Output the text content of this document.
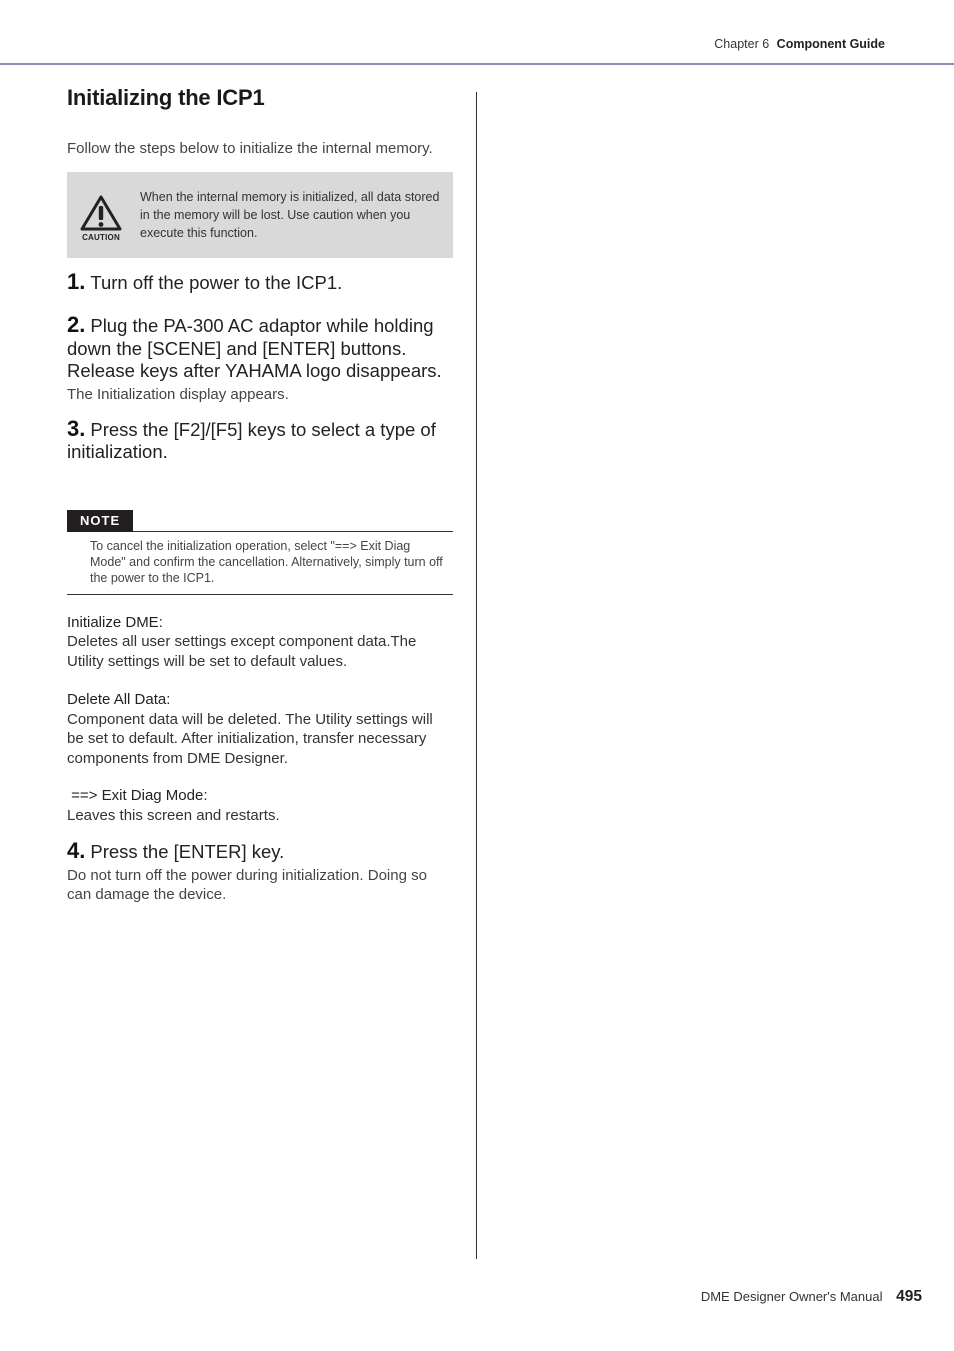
Chapter 6 Component Guide
Initializing the ICP1
Follow the steps below to initialize the internal memory.
CAUTION
When the internal memory is initialized, all data stored in the memory will be lost. Use caution when you execute this function.
1. Turn off the power to the ICP1.
2. Plug the PA-300 AC adaptor while holding down the [SCENE] and [ENTER] buttons. Release keys after YAHAMA logo disappears.
The Initialization display appears.
3. Press the [F2]/[F5] keys to select a type of initialization.
NOTE
To cancel the initialization operation, select "==> Exit Diag Mode" and confirm the cancellation. Alternatively, simply turn off the power to the ICP1.
Initialize DME:
Deletes all user settings except component data.The Utility settings will be set to default values.
Delete All Data:
Component data will be deleted. The Utility settings will be set to default. After initialization, transfer necessary components from DME Designer.
==> Exit Diag Mode:
Leaves this screen and restarts.
4. Press the [ENTER] key.
Do not turn off the power during initialization. Doing so can damage the device.
DME Designer Owner's Manual 495
